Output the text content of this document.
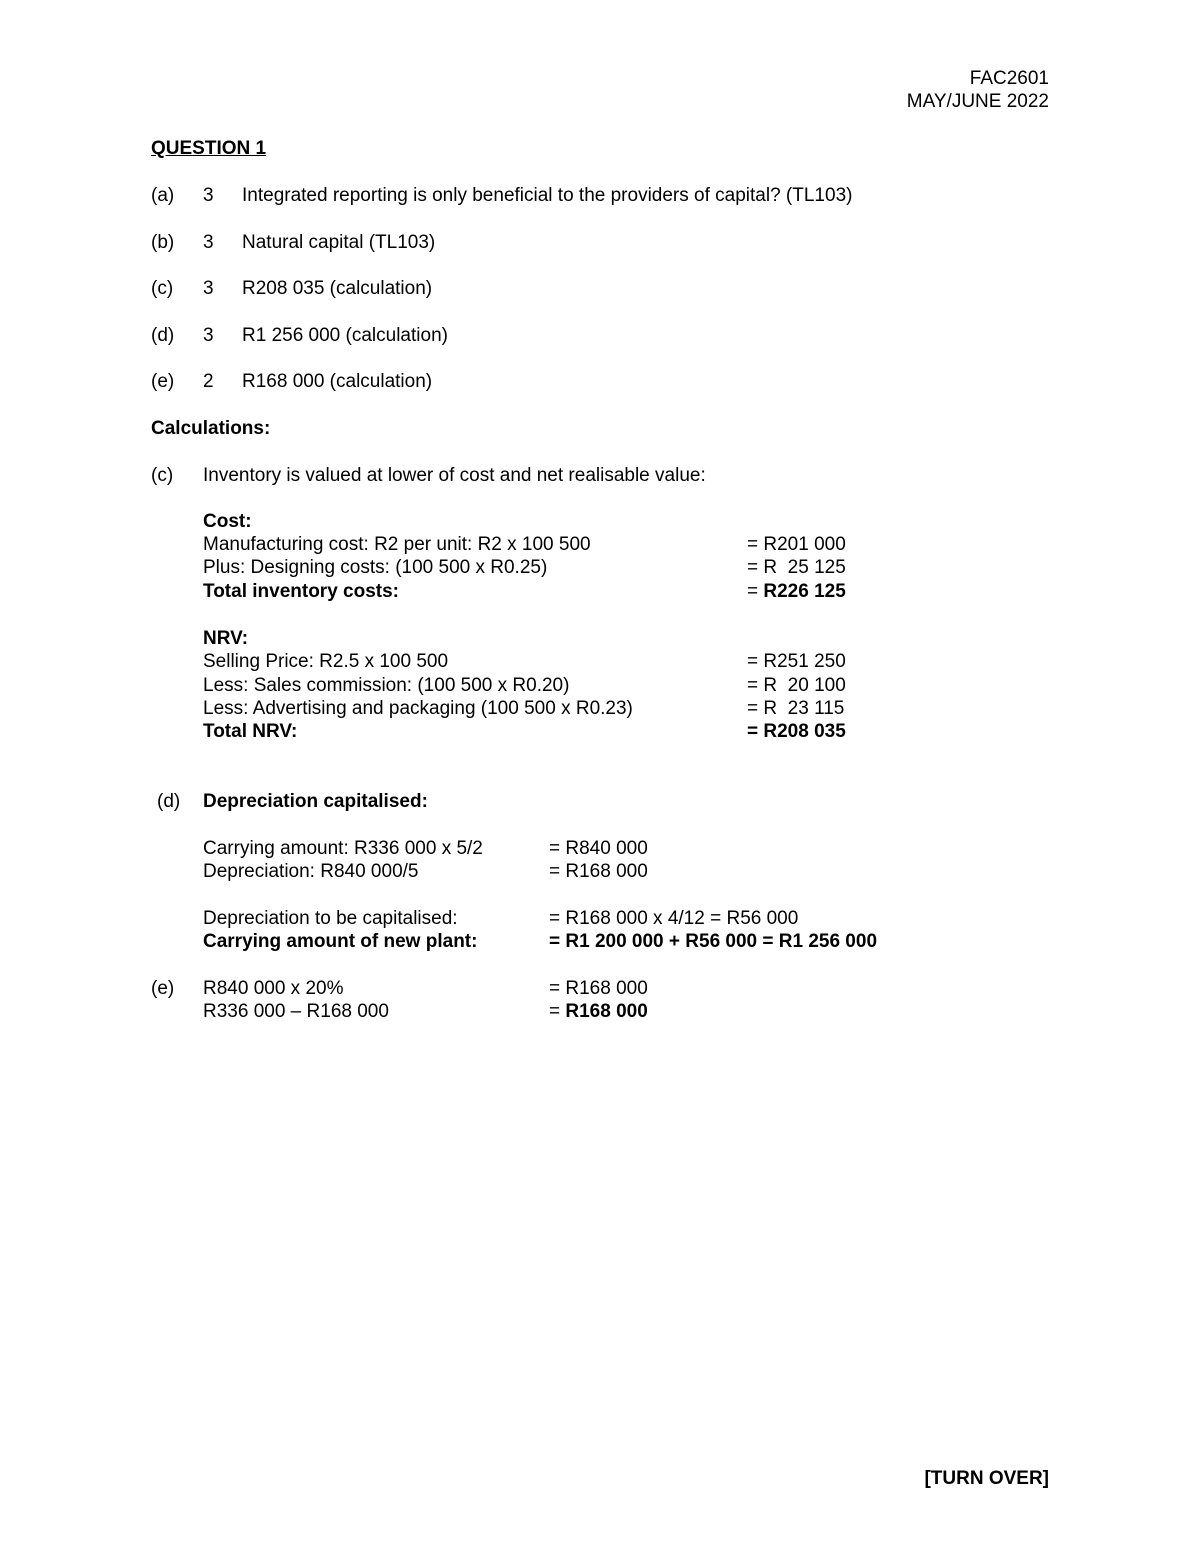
FAC2601
MAY/JUNE 2022
QUESTION 1
(a) 3 Integrated reporting is only beneficial to the providers of capital? (TL103)
(b) 3 Natural capital (TL103)
(c) 3 R208 035 (calculation)
(d) 3 R1 256 000 (calculation)
(e) 2 R168 000 (calculation)
Calculations:
(c) Inventory is valued at lower of cost and net realisable value:
Cost:
Manufacturing cost: R2 per unit: R2 x 100 500	= R201 000
Plus: Designing costs: (100 500 x R0.25)	= R  25 125
Total inventory costs:	= R226 125
NRV:
Selling Price: R2.5 x 100 500	= R251 250
Less: Sales commission: (100 500 x R0.20)	= R  20 100
Less: Advertising and packaging (100 500 x R0.23)	= R  23 115
Total NRV:	= R208 035
(d) Depreciation capitalised:
Carrying amount: R336 000 x 5/2	= R840 000
Depreciation: R840 000/5	= R168 000
Depreciation to be capitalised:	= R168 000 x 4/12 = R56 000
Carrying amount of new plant:	= R1 200 000 + R56 000 = R1 256 000
(e) R840 000 x 20%	= R168 000
R336 000 – R168 000	= R168 000
[TURN OVER]
